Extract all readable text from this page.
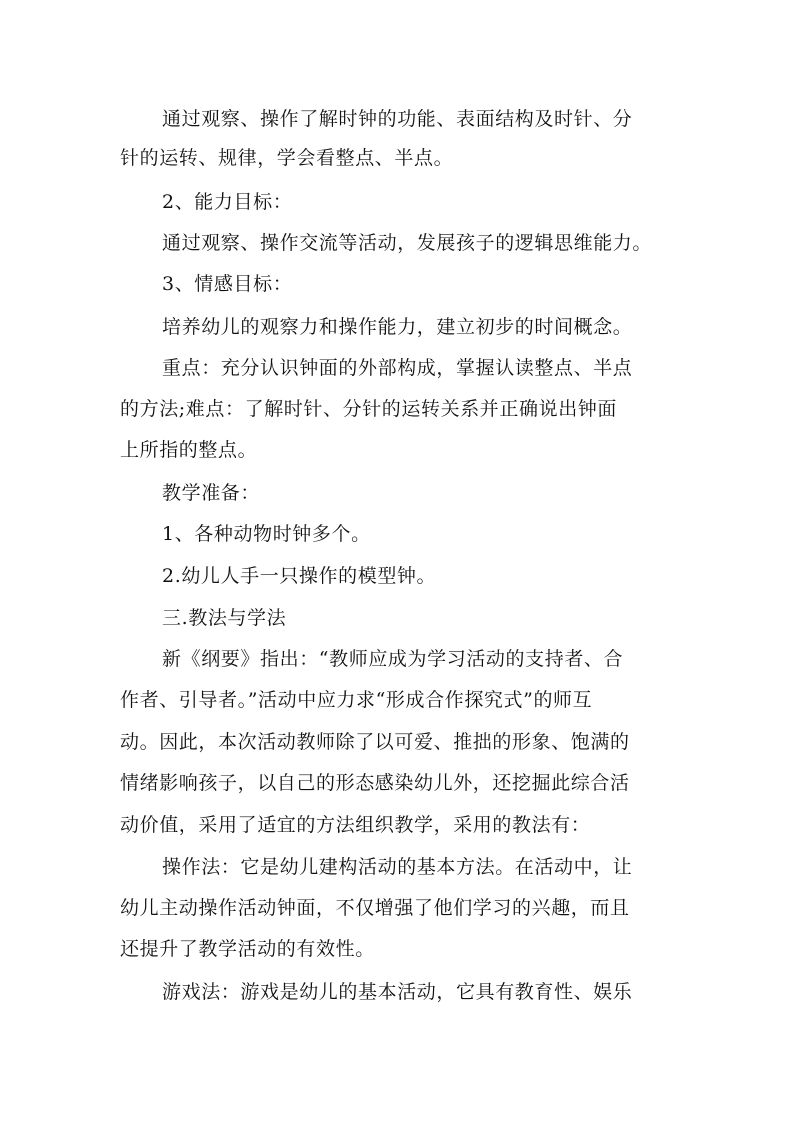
通过观察、操作了解时钟的功能、表面结构及时针、分
针的运转、规律，学会看整点、半点。
2、能力目标：
通过观察、操作交流等活动，发展孩子的逻辑思维能力。
3、情感目标：
培养幼儿的观察力和操作能力，建立初步的时间概念。
重点：充分认识钟面的外部构成，掌握认读整点、半点
的方法;难点：了解时针、分针的运转关系并正确说出钟面
上所指的整点。
教学准备：
1、各种动物时钟多个。
2.幼儿人手一只操作的模型钟。
三.教法与学法
新《纲要》指出：“教师应成为学习活动的支持者、合
作者、引导者。”活动中应力求“形成合作探究式”的师互
动。因此，本次活动教师除了以可爱、推拙的形象、饱满的
情绪影响孩子，以自己的形态感染幼儿外，还挖掘此综合活
动价值，采用了适宜的方法组织教学，采用的教法有：
操作法：它是幼儿建构活动的基本方法。在活动中，让
幼儿主动操作活动钟面，不仅增强了他们学习的兴趣，而且
还提升了教学活动的有效性。
游戏法：游戏是幼儿的基本活动，它具有教育性、娱乐
